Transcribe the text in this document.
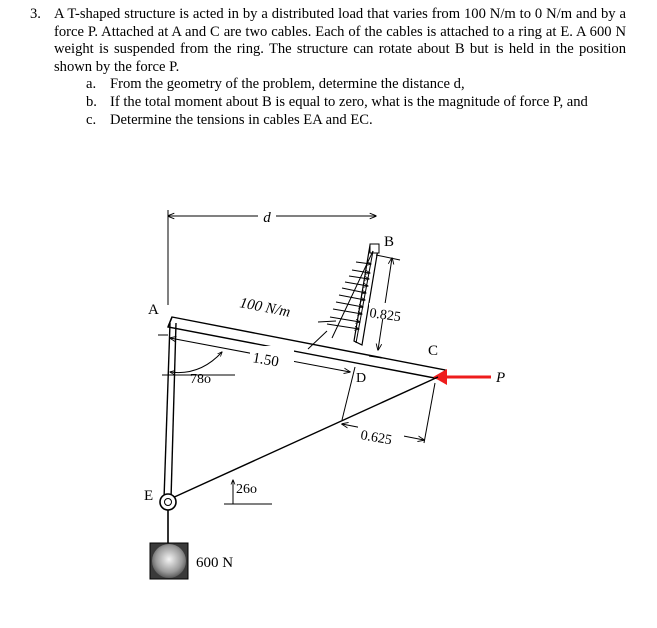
3. A T-shaped structure is acted in by a distributed load that varies from 100 N/m to 0 N/m and by a force P. Attached at A and C are two cables. Each of the cables is attached to a ring at E. A 600 N weight is suspended from the ring. The structure can rotate about B but is held in the position shown by the force P.
a. From the geometry of the problem, determine the distance d,
b. If the total moment about B is equal to zero, what is the magnitude of force P, and
c. Determine the tensions in cables EA and EC.
d
100 N/m	0.825
B
A
C
P
1.50
D
0.625
78o
26o
E
600 N
